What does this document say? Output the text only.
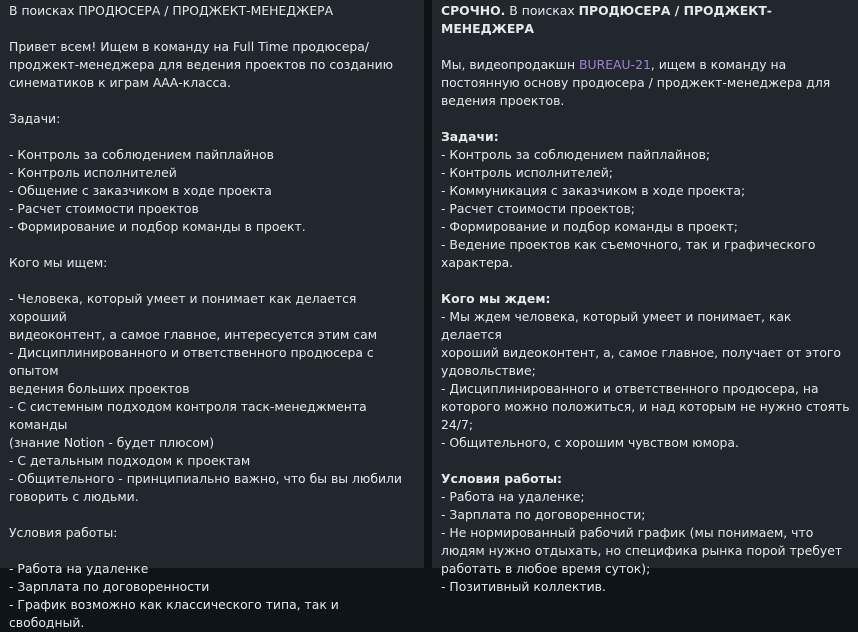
В поисках ПРОДЮСЕРА / ПРОДЖЕКТ-МЕНЕДЖЕРА
Привет всем! Ищем в команду на Full Time продюсера/
проджект-менеджера для ведения проектов по созданию
синематиков к играм ААА-класса.
Задачи:
- Контроль за соблюдением пайплайнов
- Контроль исполнителей
- Общение с заказчиком в ходе проекта
- Расчет стоимости проектов
- Формирование и подбор команды в проект.
Кого мы ищем:
- Человека, который умеет и понимает как делается хороший
видеоконтент, а самое главное, интересуется этим сам
- Дисциплинированного и ответственного продюсера с опытом
ведения больших проектов
- С системным подходом контроля таск-менеджмента команды
(знание Notion - будет плюсом)
- С детальным подходом к проектам
- Общительного - принципиально важно, что бы вы любили
говорить с людьми.
Условия работы:
- Работа на удаленке
- Зарплата по договоренности
- График возможно как классического типа, так и свободный.
СРОЧНО. В поисках ПРОДЮСЕРА / ПРОДЖЕКТ-МЕНЕДЖЕРА
Мы, видеопродакшн BUREAU-21, ищем в команду на
постоянную основу продюсера / проджект-менеджера для
ведения проектов.
Задачи:
- Контроль за соблюдением пайплайнов;
- Контроль исполнителей;
- Коммуникация с заказчиком в ходе проекта;
- Расчет стоимости проектов;
- Формирование и подбор команды в проект;
- Ведение проектов как съемочного, так и графического
характера.
Кого мы ждем:
- Мы ждем человека, который умеет и понимает, как делается
хороший видеоконтент, а, самое главное, получает от этого
удовольствие;
- Дисциплинированного и ответственного продюсера, на
которого можно положиться, и над которым не нужно стоять
24/7;
- Общительного, с хорошим чувством юмора.
Условия работы:
- Работа на удаленке;
- Зарплата по договоренности;
- Не нормированный рабочий график (мы понимаем, что
людям нужно отдыхать, но специфика рынка порой требует
работать в любое время суток);
- Позитивный коллектив.
